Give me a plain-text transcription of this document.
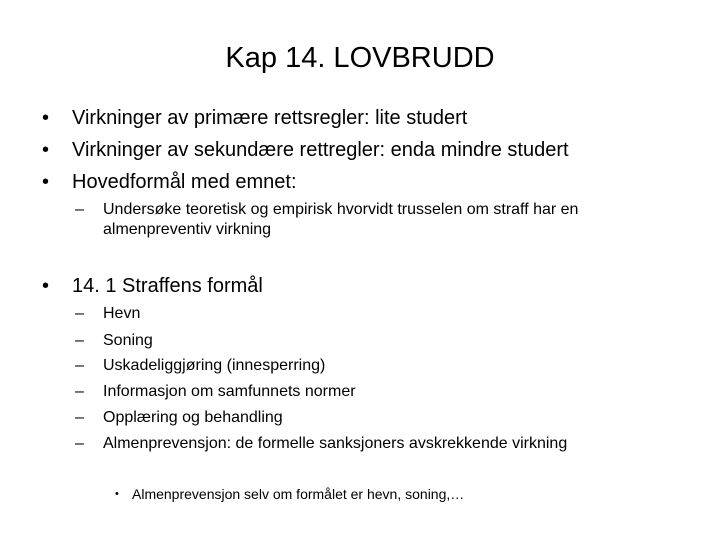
Kap 14. LOVBRUDD
• Virkninger av primære rettsregler: lite studert
• Virkninger av sekundære rettregler: enda mindre studert
• Hovedformål med emnet:
– Undersøke teoretisk og empirisk hvorvidt trusselen om straff har en almenpreventiv virkning
• 14. 1 Straffens formål
– Hevn
– Soning
– Uskadeliggjøring (innesperring)
– Informasjon om samfunnets normer
– Opplæring og behandling
– Almenprevensjon: de formelle sanksjoners avskrekkende virkning
• Almenprevensjon selv om formålet er hevn, soning,…
